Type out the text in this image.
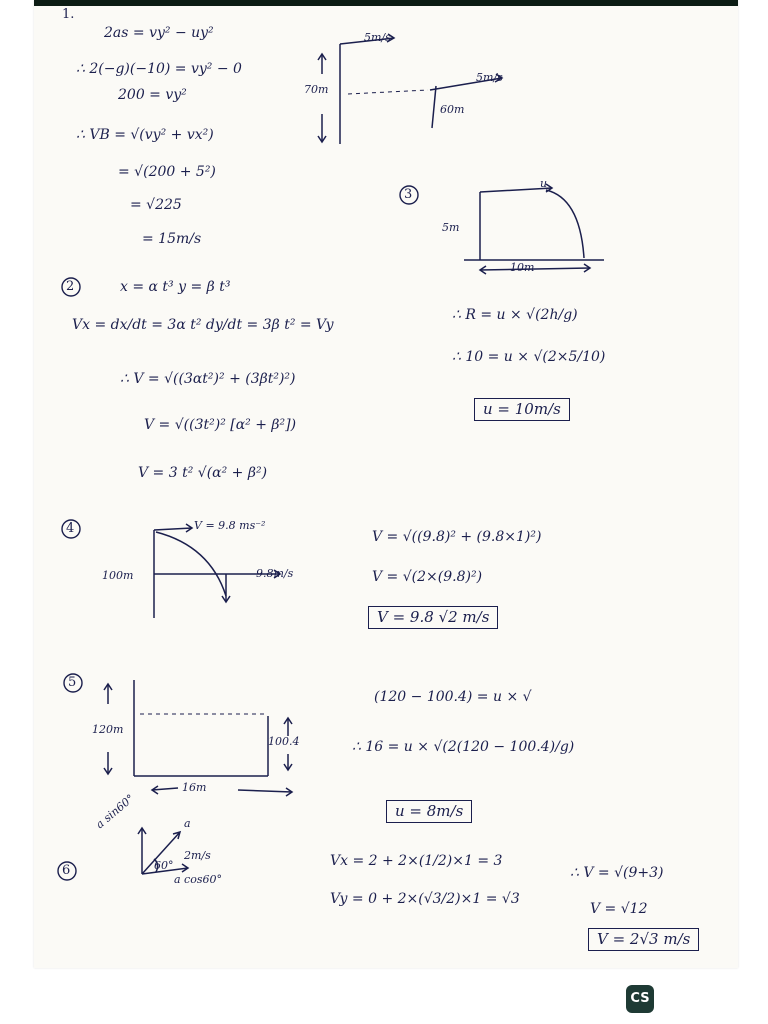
1.
2as = vy² − uy²
∴ 2(−g)(−10) = vy² − 0
200 = vy²
∴ VB = √(vy² + vx²)
= √(200 + 5²)
= √225
= 15m/s
5m/s
5m/s
70m
60m
3
u
5m
10m
∴ R = u × √(2h/g)
∴ 10 = u × √(2×5/10)
u = 10m/s
2	x = α t³ y = β t³
Vx = dx/dt = 3α t² dy/dt = 3β t² = Vy
∴ V = √((3αt²)² + (3βt²)²)
V = √((3t²)² [α² + β²])
V = 3 t² √(α² + β²)
4	V = 9.8 ms⁻²
100m	9.8m/s
V = √((9.8)² + (9.8×1)²)
V = √(2×(9.8)²)
V = 9.8 √2 m/s
5
120m
100.4
16m
(120 − 100.4) = u × √
∴ 16 = u × √(2(120 − 100.4)/g)
u = 8m/s
6
a
a sin60°
60°
2m/s
a cos60°
Vx = 2 + 2×(1/2)×1 = 3
Vy = 0 + 2×(√3/2)×1 = √3
∴ V = √(9+3)
V = √12
V = 2√3 m/s
CS
